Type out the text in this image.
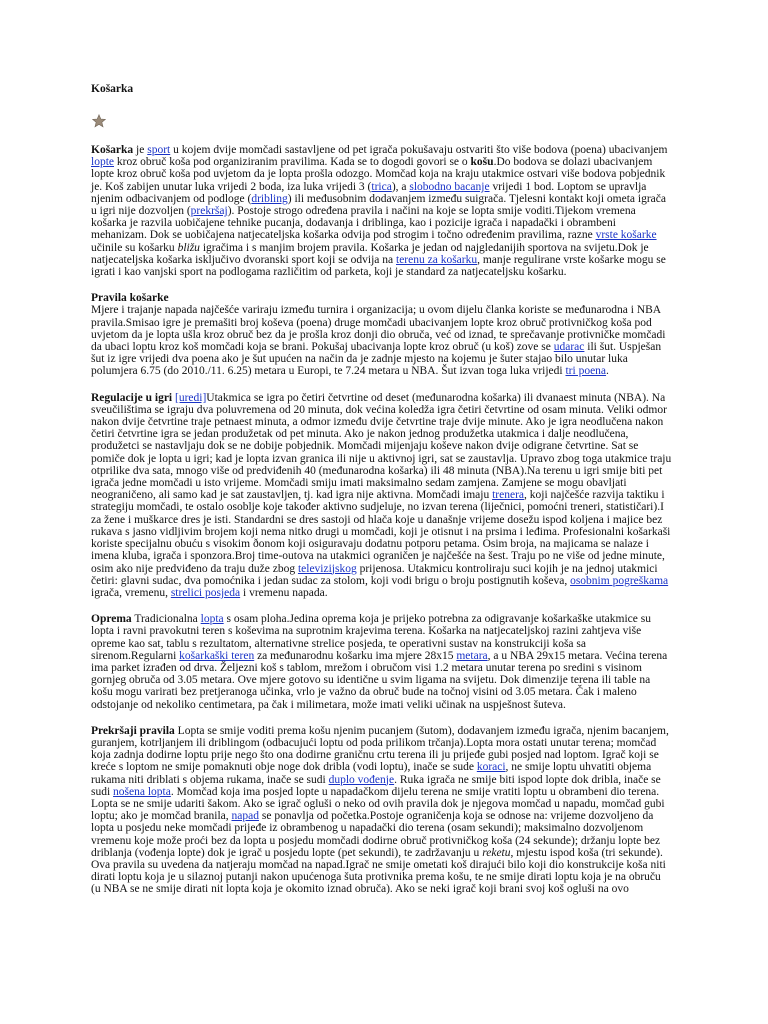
Košarka

Košarka je sport u kojem dvije momčadi sastavljene od pet igrača pokušavaju ostvariti što više bodova (poena) ubacivanjem lopte kroz obruč koša pod organiziranim pravilima. Kada se to dogodi govori se o košu.Do bodova se dolazi ubacivanjem lopte kroz obruč koša pod uvjetom da je lopta prošla odozgo. Momčad koja na kraju utakmice ostvari više bodova pobjednik je. Koš zabijen unutar luka vrijedi 2 boda, iza luka vrijedi 3 (trica), a slobodno bacanje vrijedi 1 bod. Loptom se upravlja njenim odbacivanjem od podloge (dribling) ili međusobnim dodavanjem između suigrača. Tjelesni kontakt koji ometa igrača u igri nije dozvoljen (prekršaj). Postoje strogo određena pravila i načini na koje se lopta smije voditi.Tijekom vremena košarka je razvila uobičajene tehnike pucanja, dodavanja i driblinga, kao i pozicije igrača i napadački i obrambeni mehanizam. Dok se uobičajena natjecateljska košarka odvija pod strogim i točno određenim pravilima, razne vrste košarke učinile su košarku bližu igračima i s manjim brojem pravila. Košarka je jedan od najgledanijih sportova na svijetu.Dok je natjecateljska košarka isključivo dvoranski sport koji se odvija na terenu za košarku, manje regulirane vrste košarke mogu se igrati i kao vanjski sport na podlogama različitim od parketa, koji je standard za natjecateljsku košarku.

Pravila košarke

Mjere i trajanje napada najčešće variraju između turnira i organizacija; u ovom dijelu članka koriste se međunarodna i NBA pravila.Smisao igre je premašiti broj koševa (poena) druge momčadi ubacivanjem lopte kroz obruč protivničkog koša pod uvjetom da je lopta ušla kroz obruč bez da je prošla kroz donji dio obruča, već od iznad, te sprečavanje protivničke momčadi da ubaci loptu kroz koš momčadi koja se brani. Pokušaj ubacivanja lopte kroz obruč (u koš) zove se udarac ili šut. Uspješan šut iz igre vrijedi dva poena ako je šut upućen na način da je zadnje mjesto na kojemu je šuter stajao bilo unutar luka polumjera 6.75 (do 2010./11. 6.25) metara u Europi, te 7.24 metara u NBA. Šut izvan toga luka vrijedi tri poena.

Regulacije u igri [uredi]Utakmica se igra po četiri četvrtine od deset (međunarodna košarka) ili dvanaest minuta (NBA). Na sveučilištima se igraju dva poluvremena od 20 minuta, dok većina koledža igra četiri četvrtine od osam minuta. Veliki odmor nakon dvije četvrtine traje petnaest minuta, a odmor između dvije četvrtine traje dvije minute. Ako je igra neodlučena nakon četiri četvrtine igra se jedan produžetak od pet minuta. Ako je nakon jednog produžetka utakmica i dalje neodlučena, produžetci se nastavljaju dok se ne dobije pobjednik. Momčadi mijenjaju koševe nakon dvije odigrane četvrtine. Sat se pomiče dok je lopta u igri; kad je lopta izvan granica ili nije u aktivnoj igri, sat se zaustavlja. Upravo zbog toga utakmice traju otprilike dva sata, mnogo više od predviđenih 40 (međunarodna košarka) ili 48 minuta (NBA).Na terenu u igri smije biti pet igrača jedne momčadi u isto vrijeme. Momčadi smiju imati maksimalno sedam zamjena. Zamjene se mogu obavljati neograničeno, ali samo kad je sat zaustavljen, tj. kad igra nije aktivna. Momčadi imaju trenera, koji najčešće razvija taktiku i strategiju momčadi, te ostalo osoblje koje također aktivno sudjeluje, no izvan terena (liječnici, pomoćni treneri, statističari).I za žene i muškarce dres je isti. Standardni se dres sastoji od hlača koje u današnje vrijeme dosežu ispod koljena i majice bez rukava s jasno vidljivim brojem koji nema nitko drugi u momčadi, koji je otisnut i na prsima i leđima. Profesionalni košarkaši koriste specijalnu obuću s visokim ðonom koji osiguravaju dodatnu potporu petama. Osim broja, na majicama se nalaze i imena kluba, igrača i sponzora.Broj time-outova na utakmici ograničen je najčešće na šest. Traju po ne više od jedne minute, osim ako nije predviđeno da traju duže zbog televizijskog prijenosa. Utakmicu kontroliraju suci kojih je na jednoj utakmici četiri: glavni sudac, dva pomoćnika i jedan sudac za stolom, koji vodi brigu o broju postignutih koševa, osobnim pogreškama igrača, vremenu, strelici posjeda i vremenu napada.

Oprema Tradicionalna lopta s osam ploha.Jedina oprema koja je prijeko potrebna za odigravanje košarkaške utakmice su lopta i ravni pravokutni teren s koševima na suprotnim krajevima terena. Košarka na natjecateljskoj razini zahtjeva više opreme kao sat, tablu s rezultatom, alternativne strelice posjeda, te operativni sustav na konstrukciji koša sa sirenom.Regularni košarkaški teren za međunarodnu košarku ima mjere 28x15 metara, a u NBA 29x15 metara. Većina terena ima parket izrađen od drva. Željezni koš s tablom, mrežom i obručom visi 1.2 metara unutar terena po sredini s visinom gornjeg obruča od 3.05 metara. Ove mjere gotovo su identične u svim ligama na svijetu. Dok dimenzije terena ili table na košu mogu varirati bez pretjeranoga učinka, vrlo je važno da obruč bude na točnoj visini od 3.05 metara. Čak i maleno odstojanje od nekoliko centimetara, pa čak i milimetara, može imati veliki učinak na uspješnost šuteva.

Prekršaji pravila Lopta se smije voditi prema košu njenim pucanjem (šutom), dodavanjem između igrača, njenim bacanjem, guranjem, kotrljanjem ili driblingom (odbacujući loptu od poda prilikom trčanja).Lopta mora ostati unutar terena; momčad koja zadnja dodirne loptu prije nego što ona dodirne graničnu crtu terena ili ju prijeđe gubi posjed nad loptom. Igrač koji se kreće s loptom ne smije pomaknuti obje noge dok dribla (vodi loptu), inače se sude koraci, ne smije loptu uhvatiti objema rukama niti driblati s objema rukama, inače se sudi duplo vođenje. Ruka igrača ne smije biti ispod lopte dok dribla, inače se sudi nošena lopta. Momčad koja ima posjed lopte u napadačkom dijelu terena ne smije vratiti loptu u obrambeni dio terena. Lopta se ne smije udariti šakom. Ako se igrač ogluši o neko od ovih pravila dok je njegova momčad u napadu, momčad gubi loptu; ako je momčad branila, napad se ponavlja od početka.Postoje ograničenja koja se odnose na: vrijeme dozvoljeno da lopta u posjedu neke momčadi prijeđe iz obrambenog u napadački dio terena (osam sekundi); maksimalno dozvoljenom vremenu koje može proći bez da lopta u posjedu momčadi dodirne obruč protivničkog koša (24 sekunde); držanju lopte bez driblanja (vođenja lopte) dok je igrač u posjedu lopte (pet sekundi), te zadržavanju u reketu, mjestu ispod koša (tri sekunde). Ova pravila su uvedena da natjeraju momčad na napad.Igrač ne smije ometati koš dirajući bilo koji dio konstrukcije koša niti dirati loptu koja je u silaznoj putanji nakon upućenoga šuta protivnika prema košu, te ne smije dirati loptu koja je na obruču (u NBA se ne smije dirati nit lopta koja je okomito iznad obruča). Ako se neki igrač koji brani svoj koš ogluši na ovo
